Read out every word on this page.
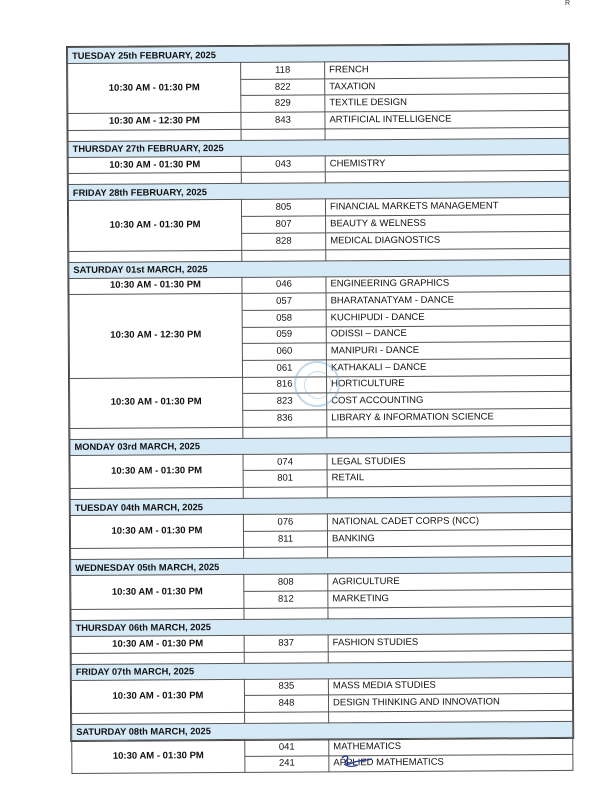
R
TUESDAY 25th FEBRUARY, 2025		
10:30 AM - 01:30 PM	118	FRENCH
	822	TAXATION
	829	TEXTILE DESIGN
10:30 AM - 12:30 PM	843	ARTIFICIAL INTELLIGENCE

THURSDAY 27th FEBRUARY, 2025		
10:30 AM - 01:30 PM	043	CHEMISTRY

FRIDAY 28th FEBRUARY, 2025		
10:30 AM - 01:30 PM	805	FINANCIAL MARKETS MANAGEMENT
	807	BEAUTY & WELNESS
	828	MEDICAL DIAGNOSTICS

SATURDAY 01st MARCH, 2025		
10:30 AM - 01:30 PM	046	ENGINEERING GRAPHICS
10:30 AM - 12:30 PM	057	BHARATANATYAM - DANCE
	058	KUCHIPUDI - DANCE
	059	ODISSI – DANCE
	060	MANIPURI - DANCE
	061	KATHAKALI – DANCE
10:30 AM - 01:30 PM	816	HORTICULTURE
	823	COST ACCOUNTING
	836	LIBRARY & INFORMATION SCIENCE

MONDAY 03rd MARCH, 2025		
10:30 AM - 01:30 PM	074	LEGAL STUDIES
	801	RETAIL

TUESDAY 04th MARCH, 2025		
10:30 AM - 01:30 PM	076	NATIONAL CADET CORPS (NCC)
	811	BANKING

WEDNESDAY 05th MARCH, 2025		
10:30 AM - 01:30 PM	808	AGRICULTURE
	812	MARKETING

THURSDAY 06th MARCH, 2025		
10:30 AM - 01:30 PM	837	FASHION STUDIES

FRIDAY 07th MARCH, 2025		
10:30 AM - 01:30 PM	835	MASS MEDIA STUDIES
	848	DESIGN THINKING AND INNOVATION

SATURDAY 08th MARCH, 2025		
10:30 AM - 01:30 PM	041	MATHEMATICS
	241	APPLIED MATHEMATICS
